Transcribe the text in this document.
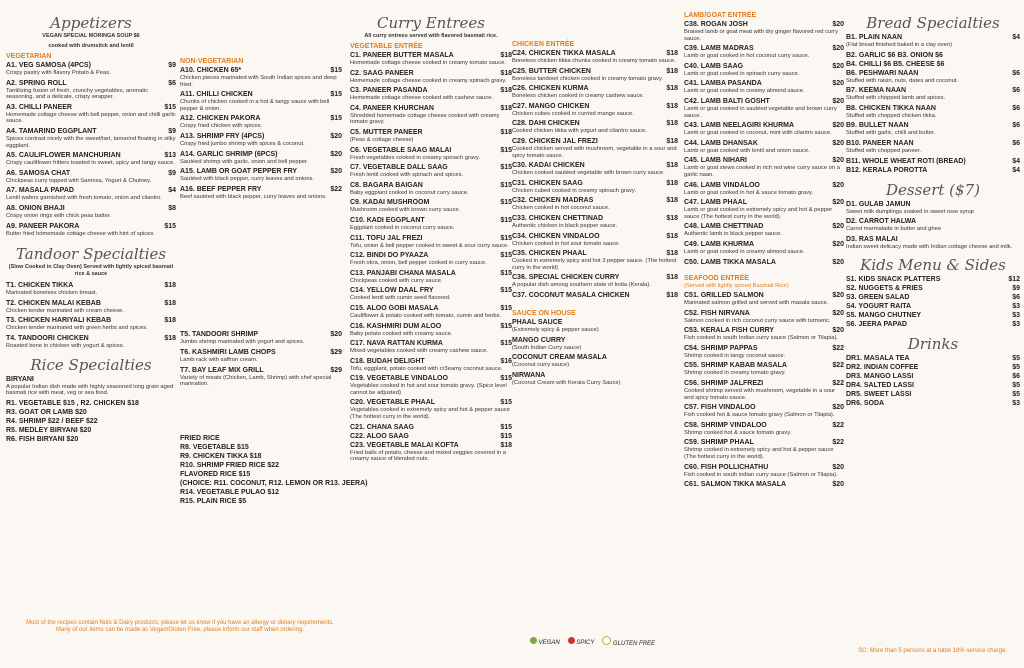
Appetizers
VEGAN SPECIAL MORINGA SOUP $6
cooked with drumstick and lentil
VEGETARIAN
A1. VEG SAMOSA (4PCS)	$9
Crispy pastry with flavory Potato & Peas.
A2. SPRING ROLL	$6
Tantilizing fusion of fresh, crunchy vegetables, aromatic seasoning, and a delicate, crispy wrapper.
A3. CHILLI PANEER	$15
Homemade cottage cheese with bell pepper, onion and chilli garlic sauce.
A4. TAMARIND EGGPLANT	$9
Spices contrast nicely with the sweet/tart, tamarind floating in silky eggplant.
A5. CAULIFLOWER MANCHURIAN	$13
Crispy cauliflower fritters toasted in sweet, spicy and tangy sauce.
A6. SAMOSA CHAT	$9
Chickpeas curry topped with Samosa, Yogurt & Chutney.
A7. MASALA PAPAD	$4
Lentil wafers garnished with fresh tomato, onion and cilantro.
A8. ONION BHAJI	$8
Crispy onion rings with chick peas batter.
A9. PANEER PAKORA	$15
Butter fried homemade cottage cheese with hint of spices.
Tandoor Specialties
(Slow Cooked in Clay Oven) Served with lightly spiced basmati rice & sauce
T1. CHICKEN TIKKA	$18
Marinated boneless chicken breast.
T2. CHICKEN MALAI KEBAB	$18
Chicken tender marinated with cream cheese.
T3. CHICKEN HARIYALI KEBAB	$18
Chicken tender marinated with green herbs and spices.
T4. TANDOORI CHICKEN	$18
Roasted bone in chicken with yogurt & spices.
Rice Specialties
BIRYANI
A popular Indian dish made with highly seasoned long grain aged basmati rice with meat, veg or sea food.
R1. VEGETABLE $15 , R2. CHICKEN $18
R3. GOAT OR LAMB $20
R4. SHRIMP $22 / BEEF $22
R5. MEDLEY BIRYANI $20
R6. FISH BIRYANI $20
NON-VEGETARIAN
A10. CHICKEN 65*	$15
Chicken pieces marinated with South Indian spices and deep fried.
A11. CHILLI CHICKEN	$15
Chunks of chicken cooked in a hot & tangy sauce with bell pepper & onion.
A12. CHICKEN PAKORA	$15
Crispy fried chicken with spices.
A13. SHRIMP FRY (4PCS)	$20
Crispy fried jumbo shrimp with spices & coconut.
A14. GARLIC SHRIMP (6PCS)	$20
Sautéed shrimp with garlic, onion and bell pepper.
A15. LAMB OR GOAT PEPPER FRY	$20
Sautéed with black pepper, curry leaves and onions.
A16. BEEF PEPPER FRY	$22
Beef sautéed with black pepper, curry leaves and onions.
T5. TANDOORI SHRIMP	$20
Jumbo shrimp marinated with yogurt and spices.
T6. KASHMIRI LAMB CHOPS	$29
Lamb rack with saffron cream.
T7. BAY LEAF MIX GRILL	$29
Variety of meats (Chicken, Lamb, Shrimp) with chef special marination.
FRIED RICE
R8. VEGETABLE $15
R9. CHICKEN TIKKA $18
R10. SHRIMP FRIED RICE $22
FLAVORED RICE $15
(CHOICE: R11. COCONUT, R12. LEMON OR R13. JEERA)
R14. VEGETABLE PULAO $12
R15. PLAIN RICE $5
Curry Entrees
All curry entrees served with flavored basmati rice.
VEGETABLE ENTRÉE
C1. PANEER BUTTER MASALA	$18
Homemade cottage cheese cooked in creamy tomato sauce.
C2. SAAG PANEER	$18
Homemade cottage cheese cooked in creamy spinach gravy.
C3. PANEER PASANDA	$18
Homemade cottage cheese cooked with cashew sauce.
C4. PANEER KHURCHAN	$18
Shredded homemade cottage cheese cooked with creamy tomato gravy.
C5. MUTTER PANEER	$18
(Peas & cottage cheese)
C6. VEGETABLE SAAG MALAI	$15
Fresh vegetables cooked in creamy spinach gravy.
C7. VEGETABLE DALL SAAG	$15
Fresh lentil cooked with spinach and spices.
C8. BAGARA BAIGAN	$15
Baby eggplant cooked in coconut curry sauce.
C9. KADAI MUSHROOM	$15
Mushroom cooked with brown curry sauce.
C10. KADI EGGPLANT	$15
Eggplant cooked in coconut curry sauce.
C11. TOFU JAL FREZI	$15
Tofu, onion & bell pepper cooked in sweet & sour curry sauce.
C12. BINDI DO PYAAZA	$15
Fresh okra, onion, bell pepper cooked in curry sauce.
C13. PANJABI CHANA MASALA	$15
Chickpeas cooked with curry sauce.
C14. YELLOW DAAL FRY	$15
Cooked lentil with cumin seed flavored.
C15. ALOO GOBI MASALA	$15
Cauliflower & potato cooked with tomato, cumin and herbs.
C16. KASHMIRI DUM ALOO	$15
Baby potato cooked with creamy sauce.
C17. NAVA RATTAN KURMA	$15
Mixed vegetables cooked with creamy cashew sauce.
C18. BUDAH DELIGHT	$16
Tofu, eggplant, potato cooked with cr3eamy coconut sauce.
C19. VEGETABLE VINDALOO	$15
Vegetables cooked in hot and sour tomato gravy. (Spice level cannot be adjusted)
C20. VEGETABLE PHAAL	$15
Vegetables cooked in extremely spicy and hot & pepper sauce (The hottest curry in the world).
C21. CHANA SAAG	$15
C22. ALOO SAAG	$15
C23. VEGETABLE MALAI KOFTA	$18
Fried balls of potato, cheese and mixed veggies covered in a creamy sauce of blended nuts.
CHICKEN ENTRÉE
C24. CHICKEN TIKKA MASALA	$18
Boneless chicken tikka chunks cooked in creamy tomato sauce.
C25. BUTTER CHICKEN	$18
Boneless tandoori chicken cooked in creamy tomato gravy.
C26. CHICKEN KURMA	$18
Boneless chicken cooked in creamy cashew sauce.
C27. MANGO CHICKEN	$18
Chicken cubes cooked in curried mango sauce.
C28. DAHI CHICKEN	$18
Cooked chicken tikka with yogurt and cilantro sauce.
C29. CHICKEN JAL FREZI	$18
Cooked chicken served with mushroom, vegetable in a sour and spicy tomato sauce.
C30. KADAI CHICKEN	$18
Chicken cooked sautéed vegetable with brown curry sauce.
C31. CHICKEN SAAG	$18
Chicken cubed cooked in creamy spinach gravy.
C32. CHICKEN MADRAS	$18
Chicken cooked in hot coconut sauce.
C33. CHICKEN CHETTINAD	$18
Authentic chicken in black pepper sauce.
C34. CHICKEN VINDALOO	$18
Chicken cooked in hot sour tomato sauce.
C35. CHICKEN PHAAL	$18
Cooked in extremely spicy and hot 3 pepper sauce. (The hottest curry in the world)
C36. SPECIAL CHICKEN CURRY	$18
A popular dish among southern state of India (Kerala).
C37. COCONUT MASALA CHICKEN	$18
SAUCE ON HOUSE
PHAAL SAUCE
(Extremely spicy & pepper sauce)
MANGO CURRY
(South Indian Curry sauce)
COCONUT CREAM MASALA
(Coconut curry sauce)
NIRWANA
(Coconut Cream with Kerala Curry Sauce)
LAMB/GOAT ENTRÉE
C38. ROGAN JOSH	$20
Braised lamb or goat meat with dry ginger flavored red curry sauce.
C39. LAMB MADRAS	$20
Lamb or goat cooked in hot coconut curry sauce.
C40. LAMB SAAG	$20
Lamb or goat cooked in spinach curry sauce.
C41. LAMBA PASANDA	$20
Lamb or goat cooked in creamy almond sauce.
C42. LAMB BALTI GOSHT	$20
Lamb or goat cooked in sautéed vegetable and brown curry sauce.
C43. LAMB NEELAGIRI KHURMA	$20
Lamb or goat cooked in coconut, mint with cilantro sauce.
C44. LAMB DHANSAK	$20
Lamb or goat cooked with lentil and onion sauce.
C45. LAMB NIHARI	$20
Lamb or goat stews cooked in rich red wine curry sauce on a garlic naan.
C46. LAMB VINDALOO	$20
Lamb or goat cooked in hot & sauce tomato gravy.
C47. LAMB PHAAL	$20
Lamb or goat cooked in extremely spicy and hot & pepper sauce (The hottest curry in the world).
C48. LAMB CHETTINAD	$20
Authentic lamb in black pepper sauce.
C49. LAMB KHURMA	$20
Lamb or goat cooked in creamy almond sauce.
C50. LAMB TIKKA MASALA	$20
SEAFOOD ENTRÉE
(Served with lightly spiced Basmati Rice)
C51. GRILLED SALMON	$20
Marinated salmon grilled and served with masala sauce.
C52. FISH NIRVANA	$20
Salmon cooked in rich coconut curry sauce with turmeric.
C53. KERALA FISH CURRY	$20
Fish cooked in south Indian curry sauce (Salmon or Tilapia).
C54. SHRIMP PAPPAS	$22
Shrimp cooked in tangy coconut sauce.
C55. SHRIMP KABAB MASALA	$22
Shrimp cooked in creamy tomato gravy.
C56. SHRIMP JALFREZI	$22
Cooked shrimp served with mushroom, vegetable in a sour and spicy tomato sauce.
C57. FISH VINDALOO	$20
Fish cooked hot & sauce tomato gravy (Salmon or Tilapia).
C58. SHRIMP VINDALOO	$22
Shrimp cooked hot & sauce tomato gravy.
C59. SHRIMP PHAAL	$22
Shrimp cooked in extremely spicy and hot & pepper sauce (The hottest curry in the world).
C60. FISH POLLICHATHU	$20
Fish cooked in south indian curry sauce (Salmon or Tilapia).
C61. SALMON TIKKA MASALA	$20
Bread Specialties
B1. PLAIN NAAN	$4
(Flat bread finished baked in a clay oven)
B2. GARLIC $6 B3. ONION $6
B4. CHILLI $6 B5. CHEESE $6
B6. PESHWARI NAAN	$6
Stuffed with raisin, nuts, dates and coconut.
B7. KEEMA NAAN	$6
Stuffed with chopped lamb and spices.
B8. CHICKEN TIKKA NAAN	$6
Stuffed with chopped chicken tikka.
B9. BULLET NAAN	$6
Stuffed with garlic, chilli and butter.
B10. PANEER NAAN	$6
Stuffed with chopped paneer.
B11. WHOLE WHEAT ROTI (BREAD)	$4
B12. KERALA POROTTA	$4
Dessert ($7)
D1. GULAB JAMUN
Sweet milk dumplings soaked in sweet rose syrup
D2. CARROT HALWA
Carrot marmalade in butter and ghee
D3. RAS MALAI
Indian sweet delicacy made with Indian cottage cheese and milk.
Kids Menu & Sides
S1. KIDS SNACK PLATTERS	$12
S2. NUGGETS & FRIES	$9
S3. GREEN SALAD	$6
S4. YOGURT RAITA	$3
S5. MANGO CHUTNEY	$3
S6. JEERA PAPAD	$3
Drinks
DR1. MASALA TEA	$5
DR2. INDIAN COFFEE	$5
DR3. MANGO LASSI	$6
DR4. SALTED LASSI	$5
DR5. SWEET LASSI	$5
DR6. SODA	$3
Most of the recipes contain Nuts & Dairy products; please let us know if you have an allergy or dietary requirements. Many of our items can be made as Vegan/Gluten Free, please inform our staff when ordering.
VEGAN	SPICY	GLUTEN FREE
SC: More than 5 persons at a table 18% service charge.
